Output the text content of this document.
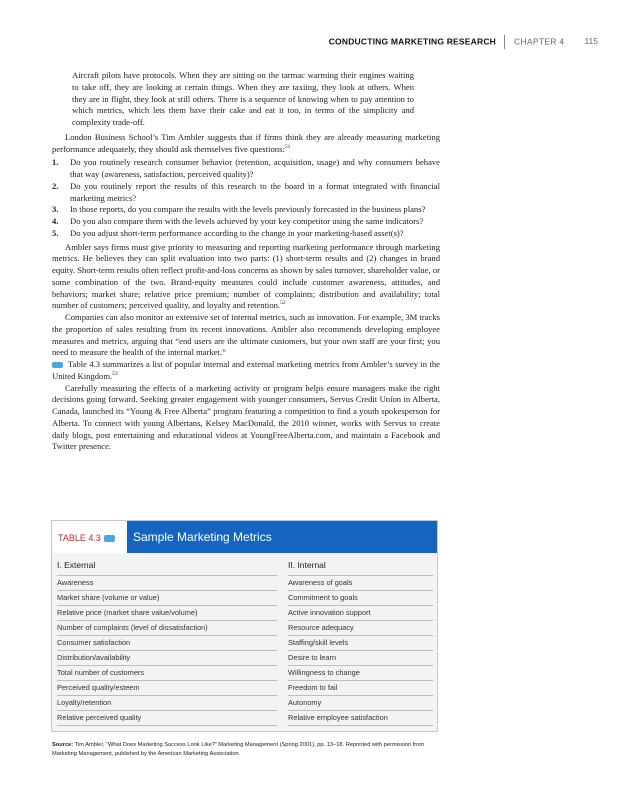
CONDUCTING MARKETING RESEARCH CHAPTER 4 115

Aircraft pilots have protocols. When they are sitting on the tarmac warming their engines waiting to take off, they are looking at certain things. When they are taxiing, they look at others. When they are in flight, they look at still others. There is a sequence of knowing when to pay attention to which metrics, which lets them have their cake and eat it too, in terms of the simplicity and complexity trade-off.

London Business School’s Tim Ambler suggests that if firms think they are already measuring marketing performance adequately, they should ask themselves five questions:$^{51}$

1. Do you routinely research consumer behavior (retention, acquisition, usage) and why consumers behave that way (awareness, satisfaction, perceived quality)?
2. Do you routinely report the results of this research to the board in a format integrated with financial marketing metrics?
3. In those reports, do you compare the results with the levels previously forecasted in the business plans?
4. Do you also compare them with the levels achieved by your key competitor using the same indicators?
5. Do you adjust short-term performance according to the change in your marketing-based asset(s)?

Ambler says firms must give priority to measuring and reporting marketing performance through marketing metrics. He believes they can split evaluation into two parts: (1) short-term results and (2) changes in brand equity. Short-term results often reflect profit-and-loss concerns as shown by sales turnover, shareholder value, or some combination of the two. Brand-equity measures could include customer awareness, attitudes, and behaviors; market share; relative price premium; number of complaints; distribution and availability; total number of customers; perceived quality, and loyalty and retention.$^{52}$

Companies can also monitor an extensive set of internal metrics, such as innovation. For example, 3M tracks the proportion of sales resulting from its recent innovations. Ambler also recommends developing employee measures and metrics, arguing that “end users are the ultimate customers, but your own staff are your first; you need to measure the health of the internal market.”
Table 4.3 summarizes a list of popular internal and external marketing metrics from Ambler’s survey in the United Kingdom.$^{53}$

Carefully measuring the effects of a marketing activity or program helps ensure managers make the right decisions going forward. Seeking greater engagement with younger consumers, Servus Credit Union in Alberta, Canada, launched its “Young & Free Alberta” program featuring a competition to find a youth spokesperson for Alberta. To connect with young Albertans, Kelsey MacDonald, the 2010 winner, works with Servus to create daily blogs, post entertaining and educational videos at YoungFreeAlberta.com, and maintain a Facebook and Twitter presence.

TABLE 4.3	Sample Marketing Metrics
I. External
Awareness
Market share (volume or value)
Relative price (market share value/volume)
Number of complaints (level of dissatisfaction)
Consumer satisfaction
Distribution/availability
Total number of customers
Perceived quality/esteem
Loyalty/retention
Relative perceived quality
II. Internal
Awareness of goals
Commitment to goals
Active innovation support
Resource adequacy
Staffing/skill levels
Desire to learn
Willingness to change
Freedom to fail
Autonomy
Relative employee satisfaction
Source: Tim Ambler, “What Does Marketing Success Look Like?” Marketing Management (Spring 2001), pp. 13–18. Reprinted with permission from Marketing Management, published by the American Marketing Association.
